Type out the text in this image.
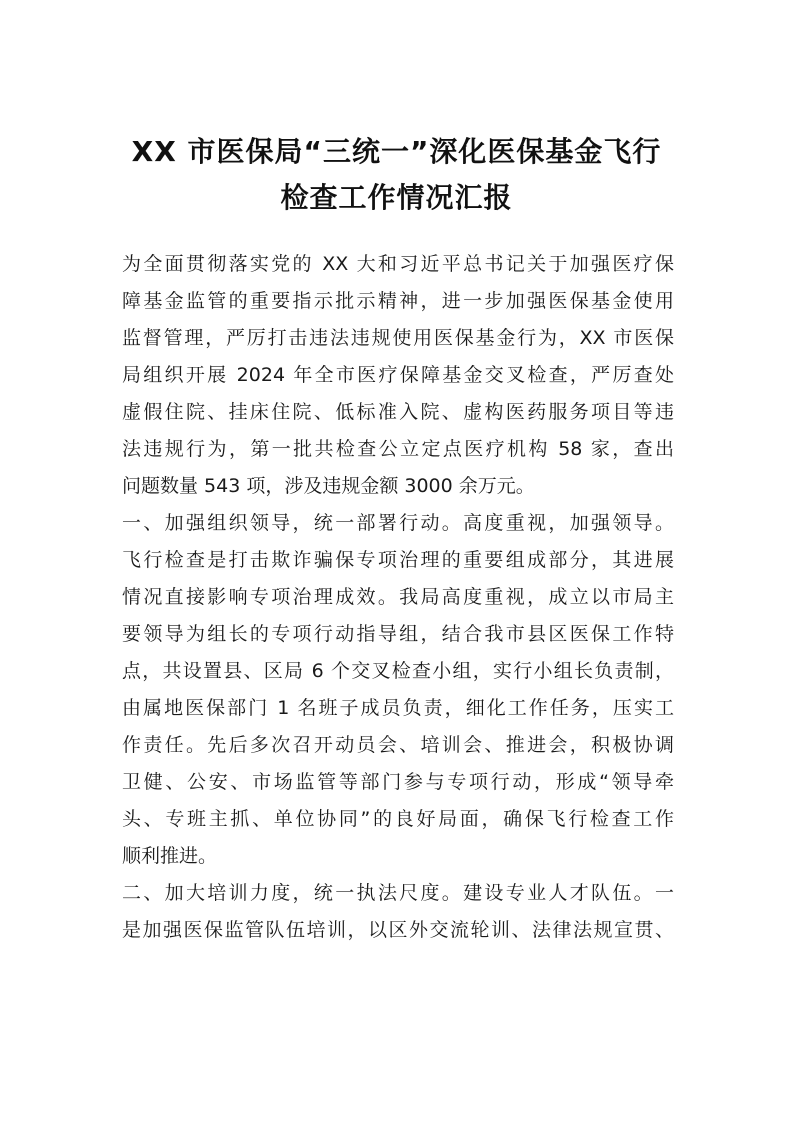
XX 市医保局“三统一”深化医保基金飞行
检查工作情况汇报
为全面贯彻落实党的 XX 大和习近平总书记关于加强医疗保
障基金监管的重要指示批示精神，进一步加强医保基金使用
监督管理，严厉打击违法违规使用医保基金行为，XX 市医保
局组织开展 2024 年全市医疗保障基金交叉检查，严厉查处
虚假住院、挂床住院、低标准入院、虚构医药服务项目等违
法违规行为，第一批共检查公立定点医疗机构 58 家，查出
问题数量 543 项，涉及违规金额 3000 余万元。
一、加强组织领导，统一部署行动。高度重视，加强领导。
飞行检查是打击欺诈骗保专项治理的重要组成部分，其进展
情况直接影响专项治理成效。我局高度重视，成立以市局主
要领导为组长的专项行动指导组，结合我市县区医保工作特
点，共设置县、区局 6 个交叉检查小组，实行小组长负责制，
由属地医保部门 1 名班子成员负责，细化工作任务，压实工
作责任。先后多次召开动员会、培训会、推进会，积极协调
卫健、公安、市场监管等部门参与专项行动，形成“领导牵
头、专班主抓、单位协同”的良好局面，确保飞行检查工作
顺利推进。
二、加大培训力度，统一执法尺度。建设专业人才队伍。一
是加强医保监管队伍培训，以区外交流轮训、法律法规宣贯、
